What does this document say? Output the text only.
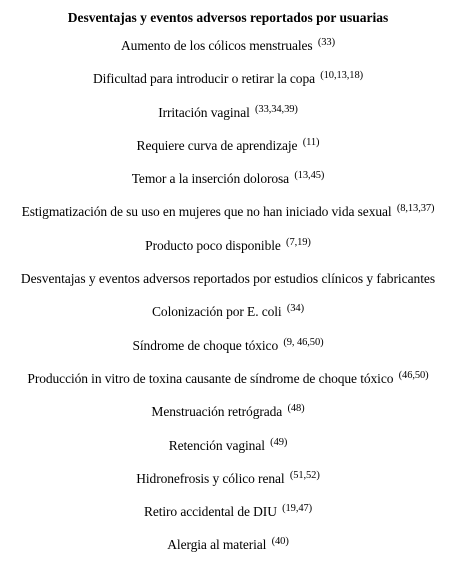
Desventajas y eventos adversos reportados por usuarias
Aumento de los cólicos menstruales $^{(33)}$
Dificultad para introducir o retirar la copa $^{(10,13,18)}$
Irritación vaginal $^{(33,34,39)}$
Requiere curva de aprendizaje $^{(11)}$
Temor a la inserción dolorosa $^{(13,45)}$
Estigmatización de su uso en mujeres que no han iniciado vida sexual $^{(8,13,37)}$
Producto poco disponible $^{(7,19)}$
Desventajas y eventos adversos reportados por estudios clínicos y fabricantes
Colonización por E. coli $^{(34)}$
Síndrome de choque tóxico $^{(9, 46,50)}$
Producción in vitro de toxina causante de síndrome de choque tóxico $^{(46,50)}$
Menstruación retrógrada $^{(48)}$
Retención vaginal $^{(49)}$
Hidronefrosis y cólico renal $^{(51,52)}$
Retiro accidental de DIU $^{(19,47)}$
Alergia al material $^{(40)}$
